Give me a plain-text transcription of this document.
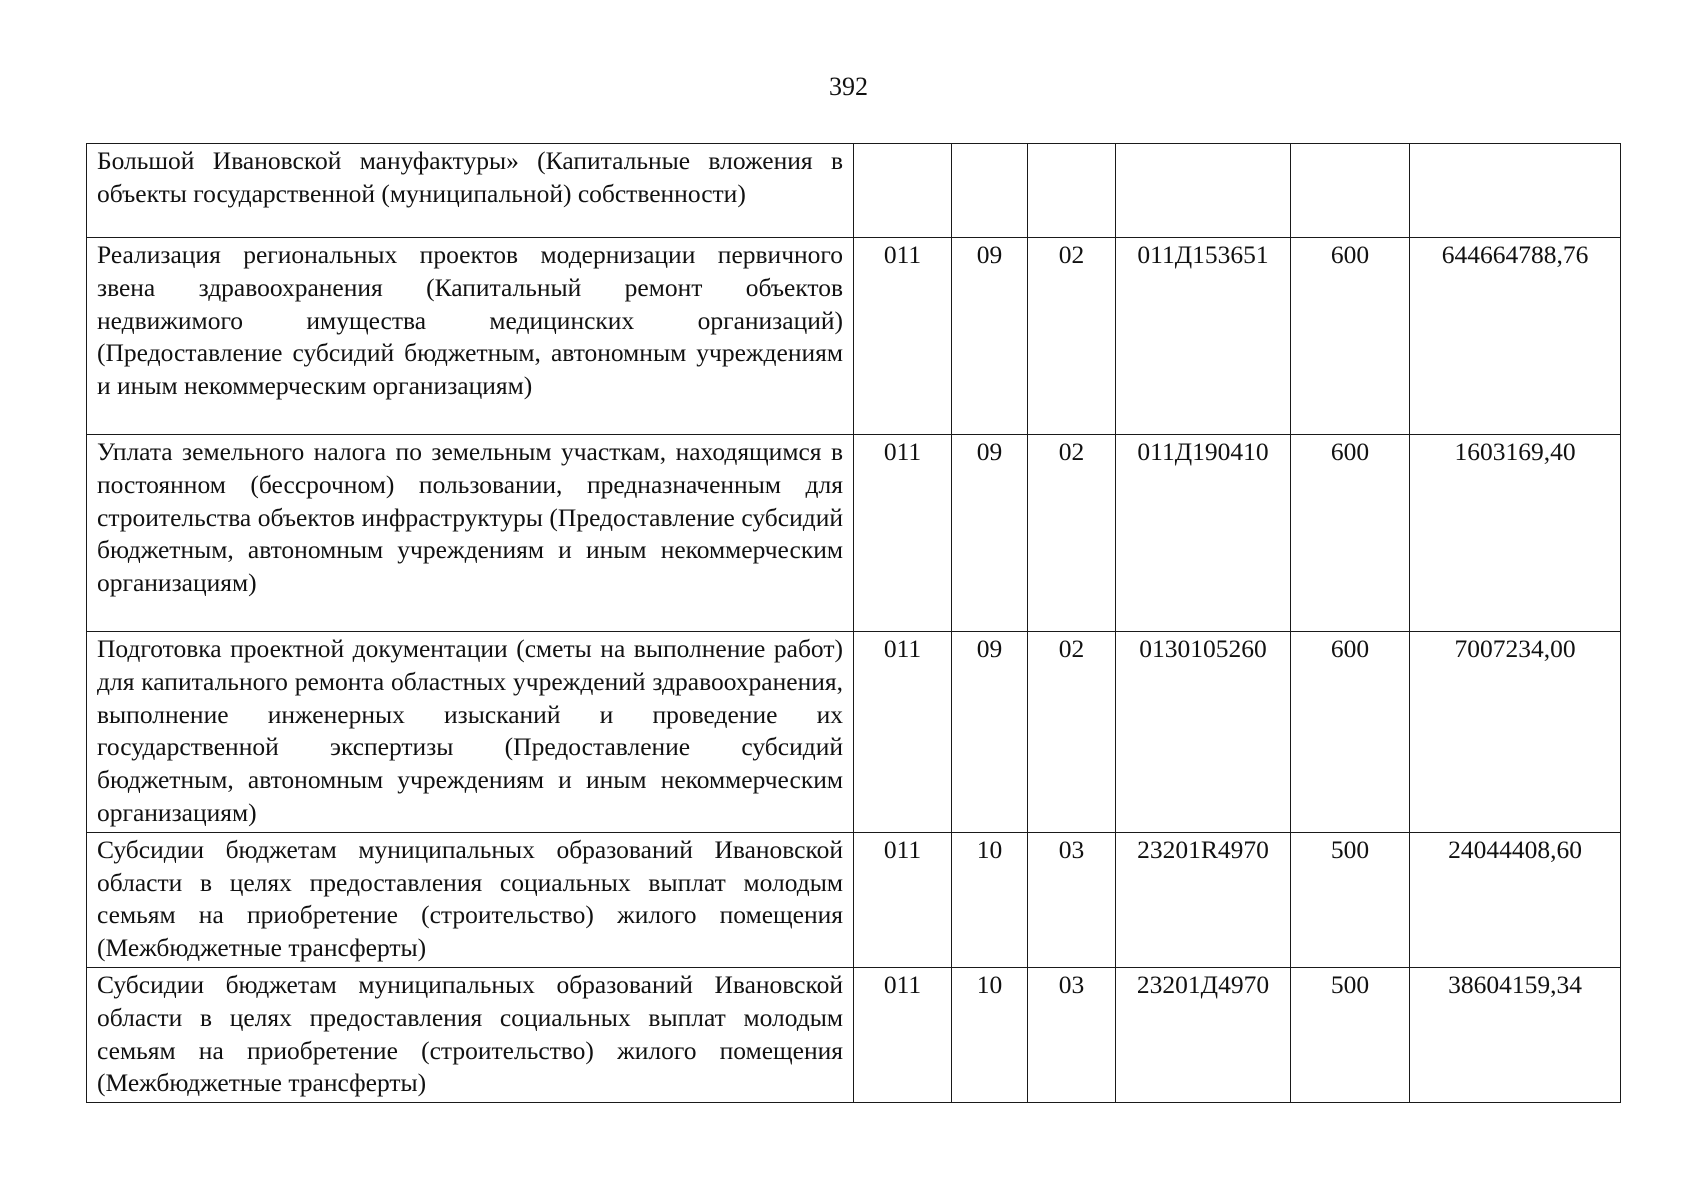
392
Большой Ивановской мануфактуры» (Капитальные вложения в объекты государственной (муниципальной) собственности)						
Реализация региональных проектов модернизации первичного звена здравоохранения (Капитальный ремонт объектов недвижимого имущества медицинских организаций) (Предоставление субсидий бюджетным, автономным учреждениям и иным некоммерческим организациям)	011	09	02	011Д153651	600	644664788,76
Уплата земельного налога по земельным участкам, находящимся в постоянном (бессрочном) пользовании, предназначенным для строительства объектов инфраструктуры (Предоставление субсидий бюджетным, автономным учреждениям и иным некоммерческим организациям)	011	09	02	011Д190410	600	1603169,40
Подготовка проектной документации (сметы на выполнение работ) для капитального ремонта областных учреждений здравоохранения, выполнение инженерных изысканий и проведение их государственной экспертизы (Предоставление субсидий бюджетным, автономным учреждениям и иным некоммерческим организациям)	011	09	02	0130105260	600	7007234,00
Субсидии бюджетам муниципальных образований Ивановской области в целях предоставления социальных выплат молодым семьям на приобретение (строительство) жилого помещения (Межбюджетные трансферты)	011	10	03	23201R4970	500	24044408,60
Субсидии бюджетам муниципальных образований Ивановской области в целях предоставления социальных выплат молодым семьям на приобретение (строительство) жилого помещения (Межбюджетные трансферты)	011	10	03	23201Д4970	500	38604159,34
